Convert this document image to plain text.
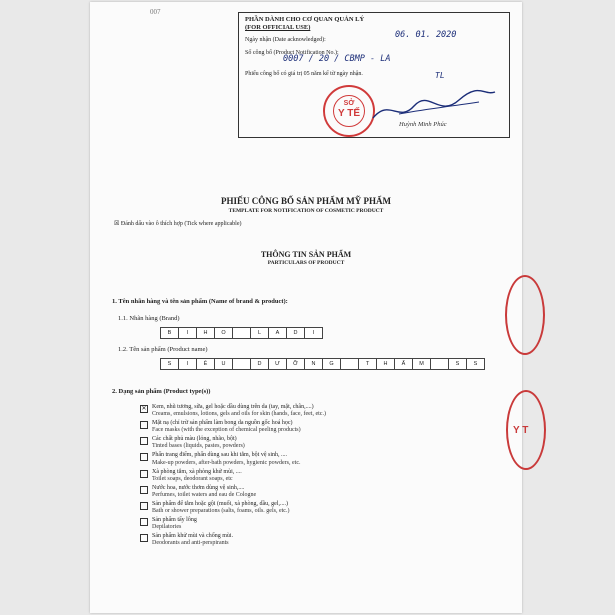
007
PHẦN DÀNH CHO CƠ QUAN QUẢN LÝ
(FOR OFFICIAL USE)
Ngày nhận (Date acknowledged):
Số công bố (Product Notification No.):
Phiếu công bố có giá trị 05 năm kể từ ngày nhận.
06. 01. 2020
0007 / 20 / CBMP - LA
TL
SỞ
Y TẾ
Huỳnh Minh Phúc
PHIẾU CÔNG BỐ SẢN PHẨM MỸ PHẨM
TEMPLATE FOR NOTIFICATION OF COSMETIC PRODUCT
☒ Đánh dấu vào ô thích hợp (Tick where applicable)
THÔNG TIN SẢN PHẨM
PARTICULARS OF PRODUCT
1. Tên nhãn hàng và tên sản phẩm (Name of brand & product):
1.1. Nhãn hàng (Brand)
B	I	H	O	L	A	D	I
1.2. Tên sản phẩm (Product name)
S	I	Ê	U	D	Ư	Ỡ	N	G	T	H	Ấ	M	S	S
2. Dạng sản phẩm (Product type(s))
✕ Kem, nhũ tương, sữa, gel hoặc dầu dùng trên da (tay, mặt, chân,....)
Creams, emulsions, lotions, gels and oils for skin (hands, face, feet, etc.)
Mặt nạ (chỉ trừ sản phẩm làm bong da nguồn gốc hoá học)
Face masks (with the exception of chemical peeling products)
Các chất phủ màu (lỏng, nhão, bột)
Tinted bases (liquids, pastes, powders)
Phấn trang điểm, phấn dùng sau khi tắm, bột vệ sinh, ....
Make-up powders, after-bath powders, hygienic powders, etc.
Xà phòng tắm, xà phòng khử mùi, ....
Toilet soaps, deodorant soaps, etc
Nước hoa, nước thơm dùng vệ sinh,....
Perfumes, toilet waters and eau de Cologne
Sản phẩm để tắm hoặc gội (muối, xà phòng, dầu, gel,....)
Bath or shower preparations (salts, foams, oils. gels, etc.)
Sản phẩm tẩy lông
Depilatories
Sản phẩm khử mùi và chống mùi.
Deodorants and anti-perspirants
Y T
